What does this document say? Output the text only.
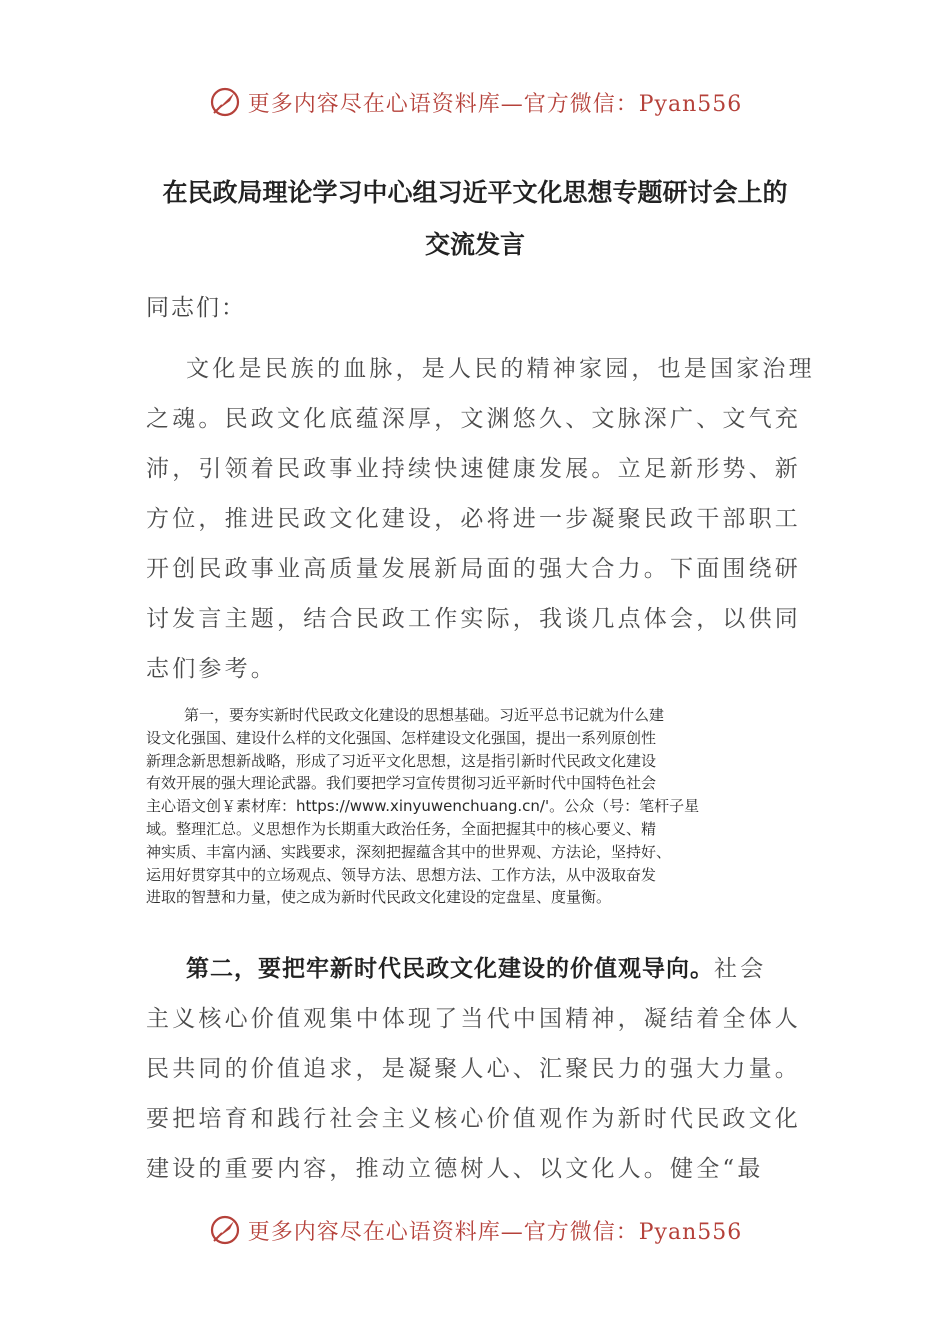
更多内容尽在心语资料库—官方微信：Pyan556
在民政局理论学习中心组习近平文化思想专题研讨会上的
交流发言
同志们：
文化是民族的血脉，是人民的精神家园，也是国家治理
之魂。民政文化底蕴深厚，文渊悠久、文脉深广、文气充
沛，引领着民政事业持续快速健康发展。立足新形势、新
方位，推进民政文化建设，必将进一步凝聚民政干部职工
开创民政事业高质量发展新局面的强大合力。下面围绕研
讨发言主题，结合民政工作实际，我谈几点体会，以供同
志们参考。
第一，要夯实新时代民政文化建设的思想基础。习近平总书记就为什么建
设文化强国、建设什么样的文化强国、怎样建设文化强国，提出一系列原创性
新理念新思想新战略，形成了习近平文化思想，这是指引新时代民政文化建设
有效开展的强大理论武器。我们要把学习宣传贯彻习近平新时代中国特色社会
主心语文创￥素材库：https://www.xinyuwenchuang.cn/'。公众（号：笔杆子星
域。整理汇总。义思想作为长期重大政治任务，全面把握其中的核心要义、精
神实质、丰富内涵、实践要求，深刻把握蕴含其中的世界观、方法论，坚持好、
运用好贯穿其中的立场观点、领导方法、思想方法、工作方法，从中汲取奋发
进取的智慧和力量，使之成为新时代民政文化建设的定盘星、度量衡。
第二，要把牢新时代民政文化建设的价值观导向。社会
主义核心价值观集中体现了当代中国精神，凝结着全体人
民共同的价值追求，是凝聚人心、汇聚民力的强大力量。
要把培育和践行社会主义核心价值观作为新时代民政文化
建设的重要内容，推动立德树人、以文化人。健全“最
更多内容尽在心语资料库—官方微信：Pyan556
